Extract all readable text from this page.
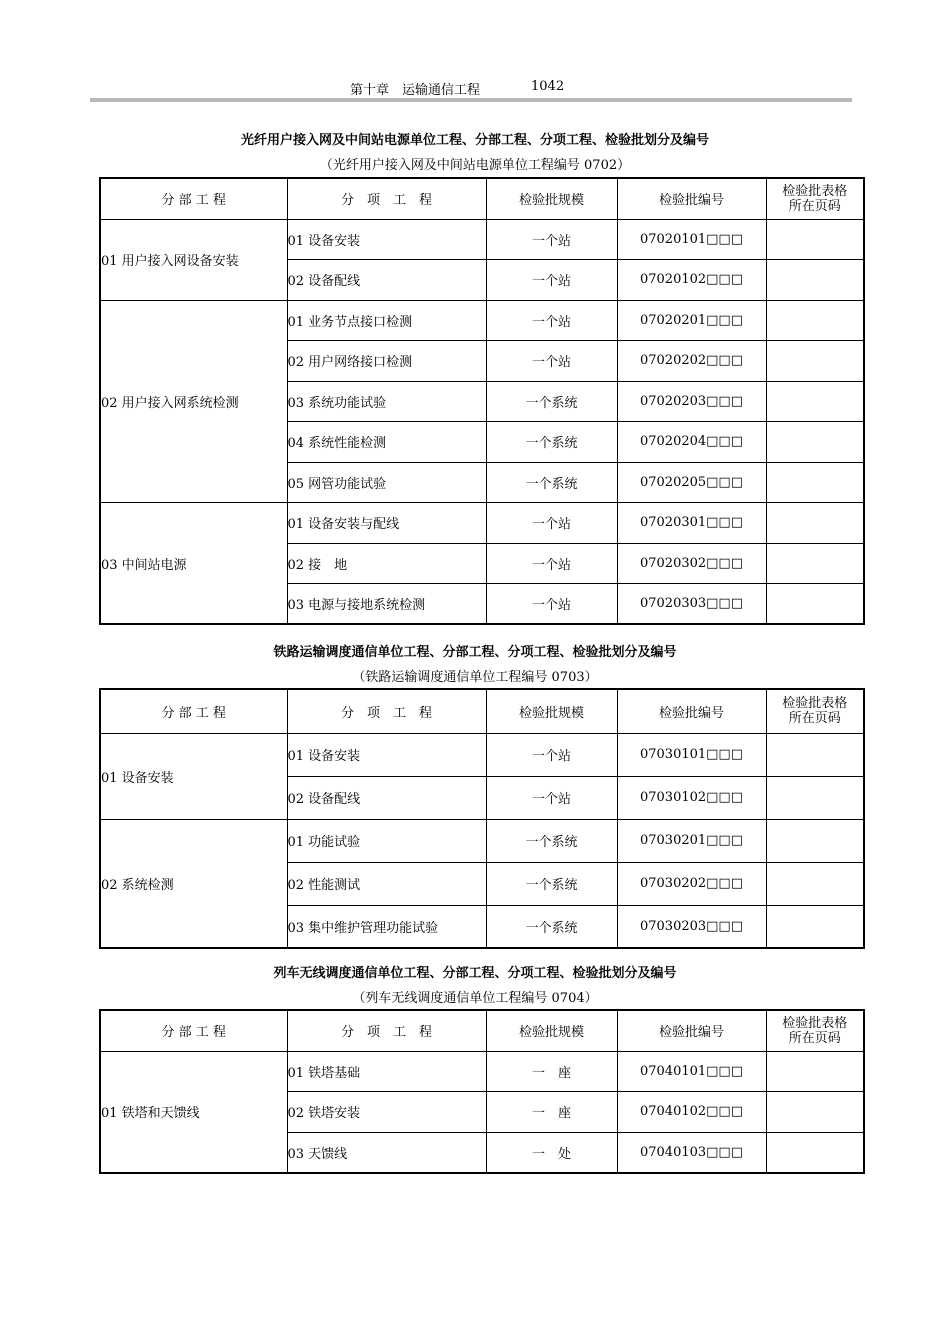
第十章　运输通信工程	1042
光纤用户接入网及中间站电源单位工程、分部工程、分项工程、检验批划分及编号
（光纤用户接入网及中间站电源单位工程编号 0702）
分 部 工 程	分　项　工　程	检验批规模	检验批编号	检验批表格
所在页码

01 用户接入网设备安装	01 设备安装	一个站	07020101□□□	
	02 设备配线	一个站	07020102□□□	
02 用户接入网系统检测	01 业务节点接口检测	一个站	07020201□□□	
	02 用户网络接口检测	一个站	07020202□□□	
	03 系统功能试验	一个系统	07020203□□□	
	04 系统性能检测	一个系统	07020204□□□	
	05 网管功能试验	一个系统	07020205□□□	
03 中间站电源	01 设备安装与配线	一个站	07020301□□□	
	02 接　地	一个站	07020302□□□	
	03 电源与接地系统检测	一个站	07020303□□□	
铁路运输调度通信单位工程、分部工程、分项工程、检验批划分及编号
（铁路运输调度通信单位工程编号 0703）
分 部 工 程	分　项　工　程	检验批规模	检验批编号	检验批表格
所在页码

01 设备安装	01 设备安装	一个站	07030101□□□	
	02 设备配线	一个站	07030102□□□	
02 系统检测	01 功能试验	一个系统	07030201□□□	
	02 性能测试	一个系统	07030202□□□	
	03 集中维护管理功能试验	一个系统	07030203□□□	
列车无线调度通信单位工程、分部工程、分项工程、检验批划分及编号
（列车无线调度通信单位工程编号 0704）
分 部 工 程	分　项　工　程	检验批规模	检验批编号	检验批表格
所在页码

01 铁塔和天馈线	01 铁塔基础	一　座	07040101□□□	
	02 铁塔安装	一　座	07040102□□□	
	03 天馈线	一　处	07040103□□□	
